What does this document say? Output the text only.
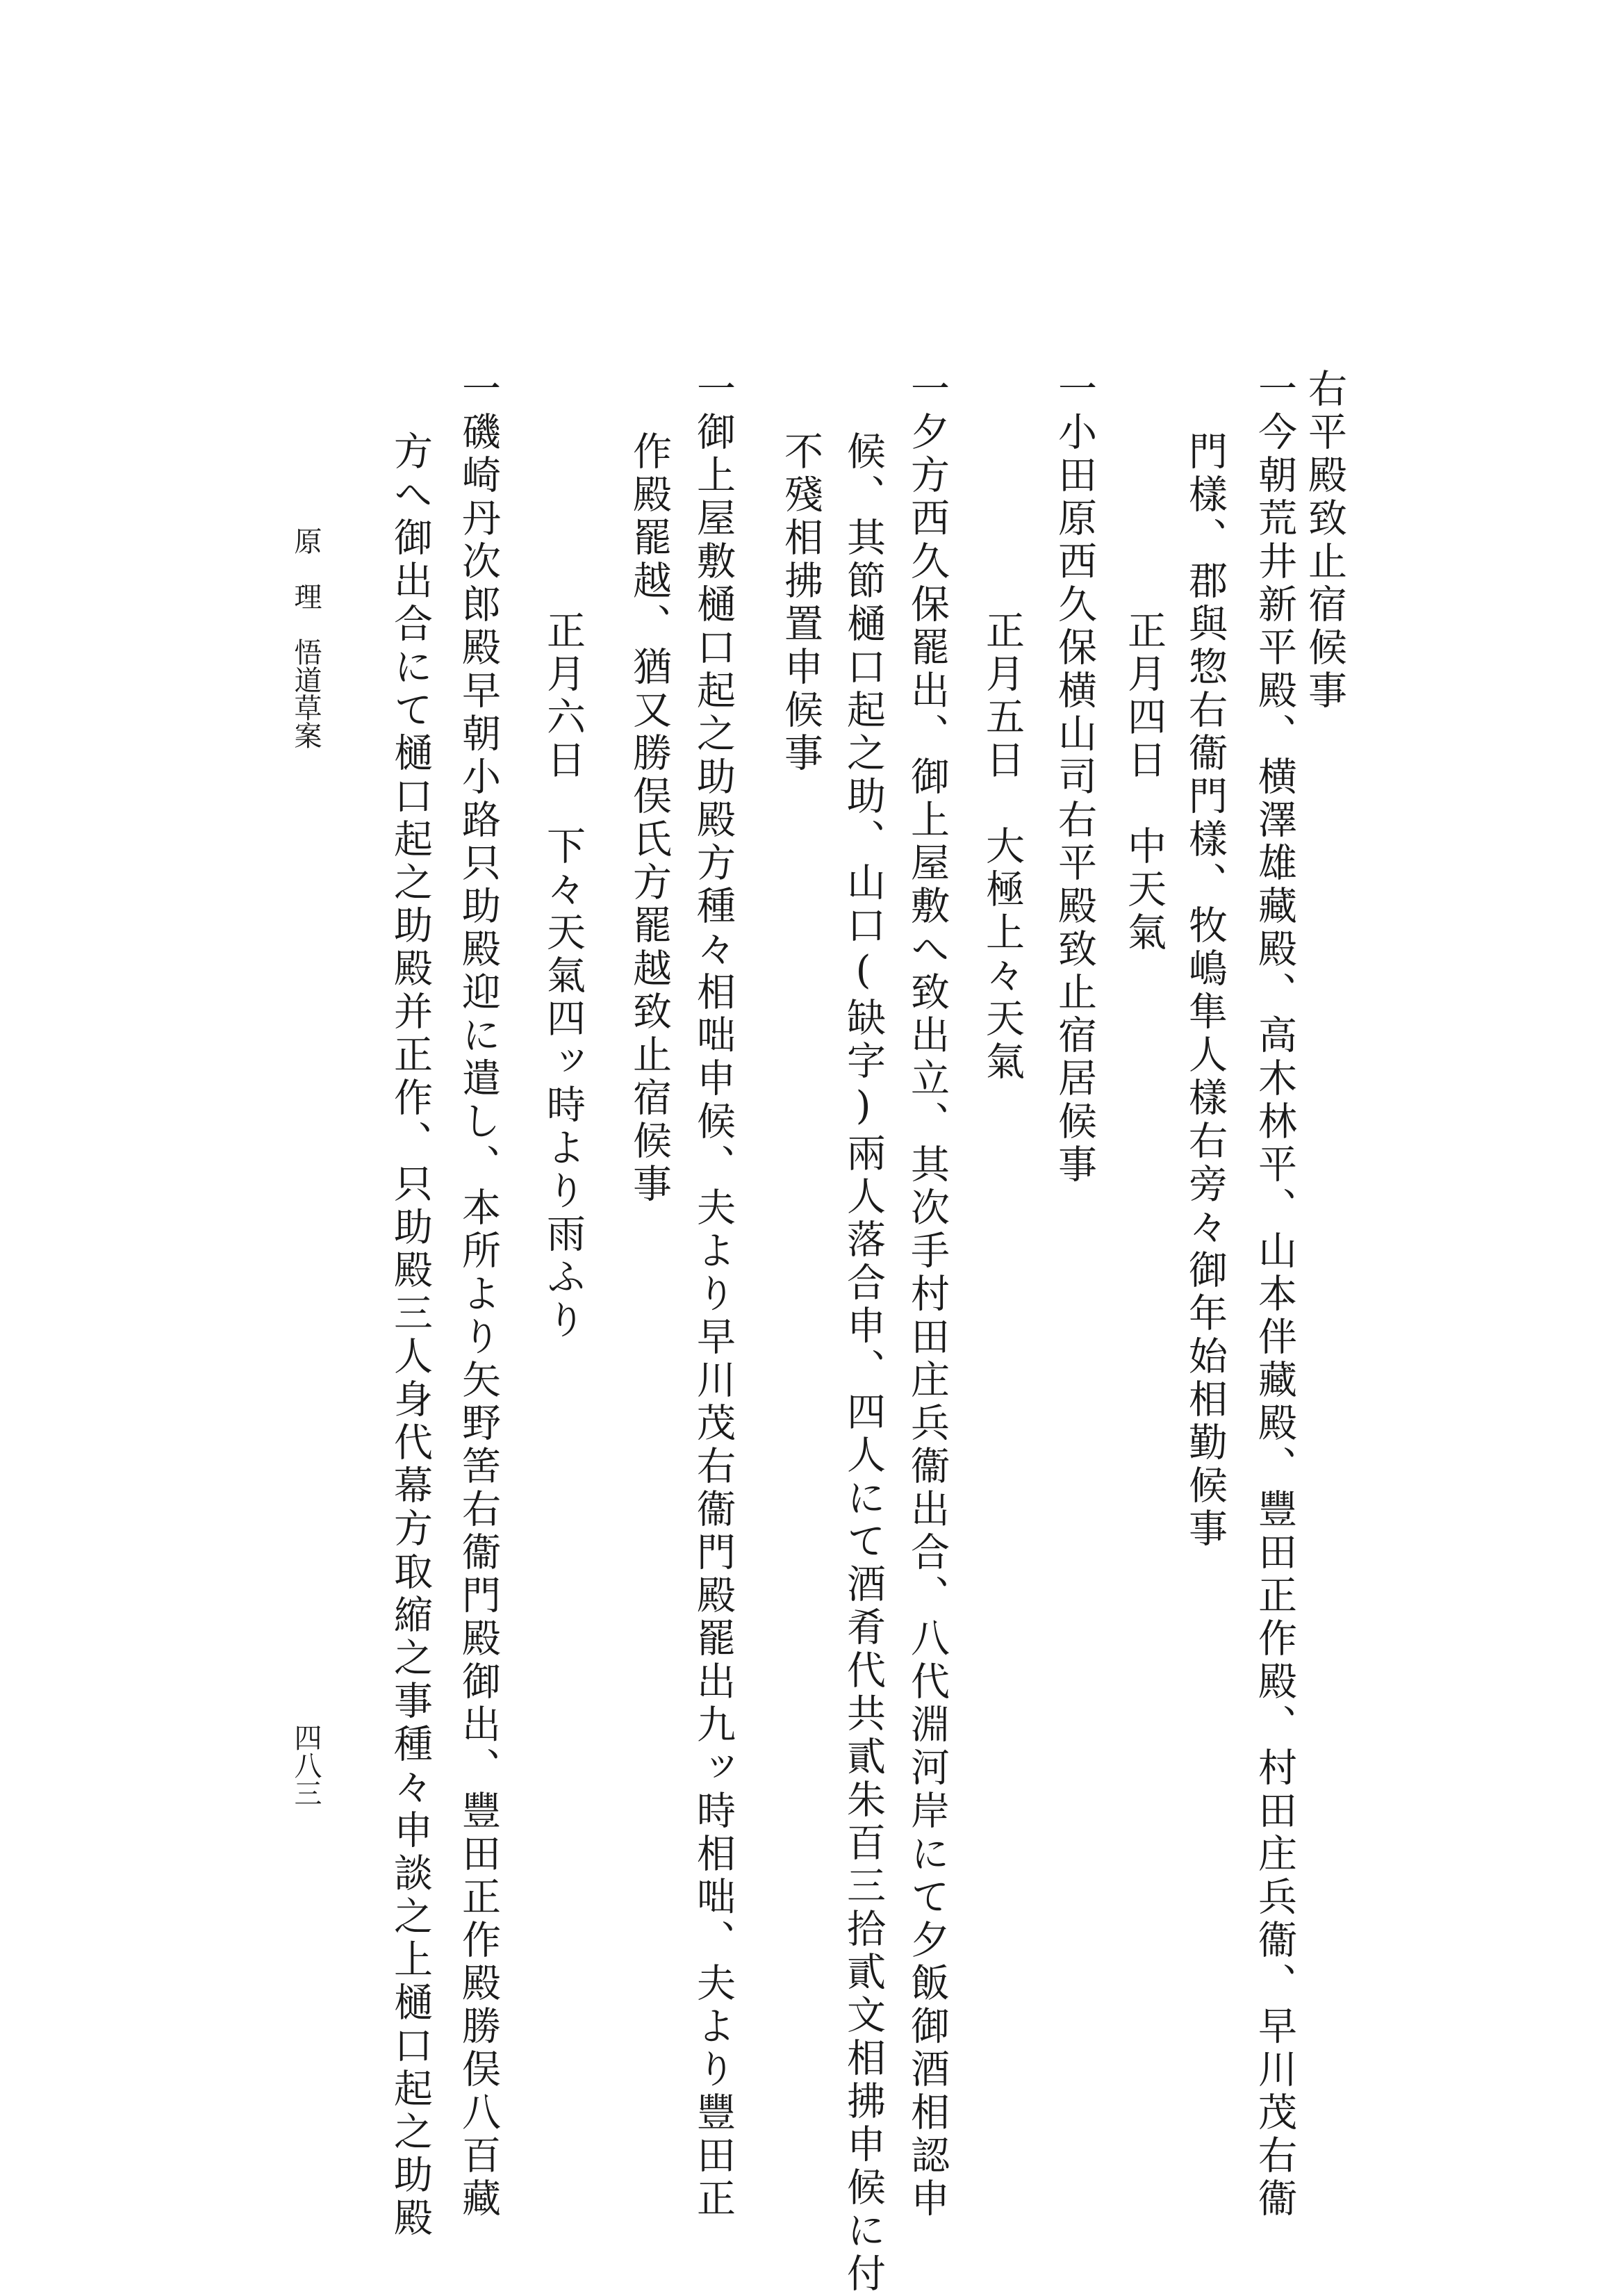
右平殿致止宿候事
一今朝荒井新平殿、横澤雄藏殿、高木林平、山本伴藏殿、豐田正作殿、村田庄兵衞、早川茂右衞
門樣、郡與惣右衞門樣、牧嶋隼人樣右旁々御年始相勤候事
正月四日　中天氣
一小田原西久保横山司右平殿致止宿居候事
正月五日　大極上々天氣
一夕方西久保罷出、御上屋敷へ致出立、其次手村田庄兵衞出合、八代淵河岸にて夕飯御酒相認申
候、其節樋口起之助、山口(缺字)兩人落合申、四人にて酒肴代共貳朱百三拾貳文相拂申候に付
不殘相拂置申候事
一御上屋敷樋口起之助殿方種々相咄申候、夫より早川茂右衞門殿罷出九ッ時相咄、夫より豐田正
作殿罷越、猶又勝俣氏方罷越致止宿候事
正月六日　下々天氣四ッ時より雨ふり
一磯崎丹次郎殿早朝小路只助殿迎に遣し、本所より矢野筈右衞門殿御出、豐田正作殿勝俣八百藏
方へ御出合にて樋口起之助殿并正作、只助殿三人身代幕方取縮之事種々申談之上樋口起之助殿
原　理　悟道草案
四八三
